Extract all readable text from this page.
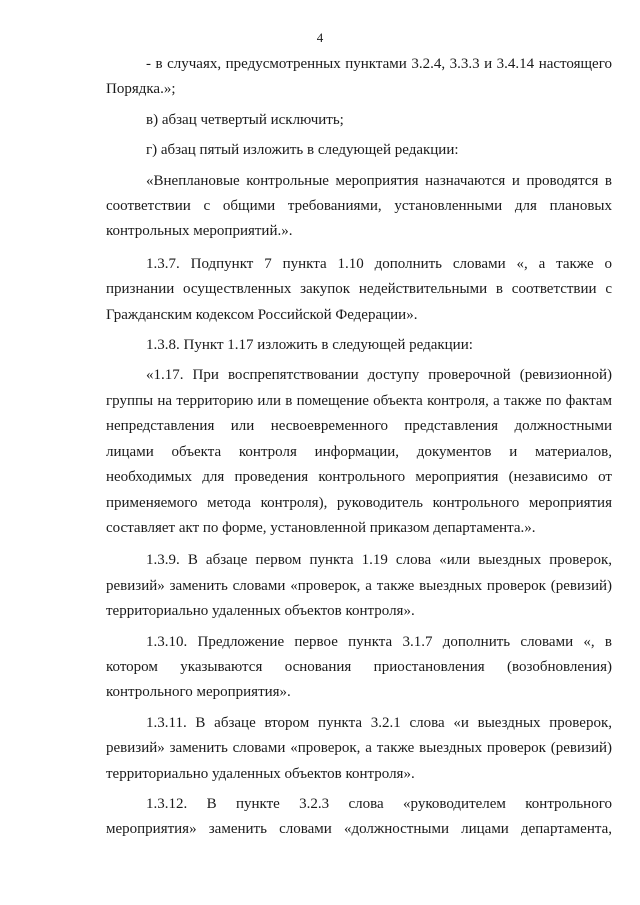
4

- в случаях, предусмотренных пунктами 3.2.4, 3.3.3 и 3.4.14 настоящего Порядка.»;

в) абзац четвертый исключить;

г) абзац пятый изложить в следующей редакции:

«Внеплановые контрольные мероприятия назначаются и проводятся в соответствии с общими требованиями, установленными для плановых контрольных мероприятий.».

1.3.7. Подпункт 7 пункта 1.10 дополнить словами «, а также о признании осуществленных закупок недействительными в соответствии с Гражданским кодексом Российской Федерации».

1.3.8. Пункт 1.17 изложить в следующей редакции:

«1.17. При воспрепятствовании доступу проверочной (ревизионной) группы на территорию или в помещение объекта контроля, а также по фактам непредставления или несвоевременного представления должностными лицами объекта контроля информации, документов и материалов, необходимых для проведения контрольного мероприятия (независимо от применяемого метода контроля), руководитель контрольного мероприятия составляет акт по форме, установленной приказом департамента.».

1.3.9. В абзаце первом пункта 1.19 слова «или выездных проверок, ревизий» заменить словами «проверок, а также выездных проверок (ревизий) территориально удаленных объектов контроля».

1.3.10. Предложение первое пункта 3.1.7 дополнить словами «, в котором указываются основания приостановления (возобновления) контрольного мероприятия».

1.3.11. В абзаце втором пункта 3.2.1 слова «и выездных проверок, ревизий» заменить словами «проверок, а также выездных проверок (ревизий) территориально удаленных объектов контроля».

1.3.12. В пункте 3.2.3 слова «руководителем контрольного мероприятия» заменить словами «должностными лицами департамента,
